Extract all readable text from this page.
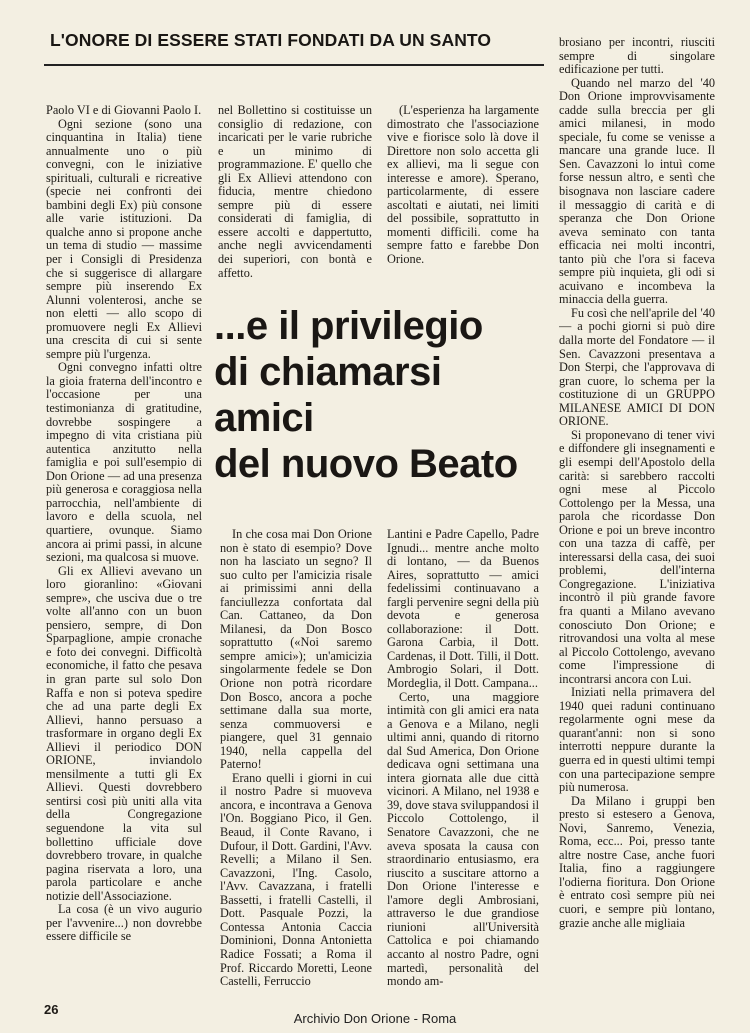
L'ONORE DI ESSERE STATI FONDATI DA UN SANTO

Paolo VI e di Giovanni Paolo I.

Ogni sezione (sono una cinquantina in Italia) tiene annualmente uno o più convegni, con le iniziative spirituali, culturali e ricreative (specie nei confronti dei bambini degli Ex) più consone alle varie istituzioni. Da qualche anno si propone anche un tema di studio — massime per i Consigli di Presidenza che si suggerisce di allargare sempre più inserendo Ex Alunni volenterosi, anche se non eletti — allo scopo di promuovere negli Ex Allievi una crescita di cui si sente sempre più l'urgenza.

Ogni convegno infatti oltre la gioia fraterna dell'incontro e l'occasione per una testimonianza di gratitudine, dovrebbe sospingere a impegno di vita cristiana più autentica anzitutto nella famiglia e poi sull'esempio di Don Orione — ad una presenza più generosa e coraggiosa nella parrocchia, nell'ambiente di lavoro e della scuola, nel quartiere, ovunque. Siamo ancora ai primi passi, in alcune sezioni, ma qualcosa si muove.

Gli ex Allievi avevano un loro gioranlino: «Giovani sempre», che usciva due o tre volte all'anno con un buon pensiero, sempre, di Don Sparpaglione, ampie cronache e foto dei convegni. Difficoltà economiche, il fatto che pesava in gran parte sul solo Don Raffa e non si poteva spedire che ad una parte degli Ex Allievi, hanno persuaso a trasformare in organo degli Ex Allievi il periodico DON ORIONE, inviandolo mensilmente a tutti gli Ex Allievi. Questi dovrebbero sentirsi così più uniti alla vita della Congregazione seguendone la vita sul bollettino ufficiale dove dovrebbero trovare, in qualche pagina riservata a loro, una parola particolare e anche notizie dell'Associazione.

La cosa (è un vivo augurio per l'avvenire...) non dovrebbe essere difficile se

nel Bollettino si costituisse un consiglio di redazione, con incaricati per le varie rubriche e un minimo di programmazione. E' quello che gli Ex Allievi attendono con fiducia, mentre chiedono sempre più di essere considerati di famiglia, di essere accolti e dappertutto, anche negli avvicendamenti dei superiori, con bontà e affetto.

(L'esperienza ha largamente dimostrato che l'associazione vive e fiorisce solo là dove il Direttore non solo accetta gli ex allievi, ma li segue con interesse e amore). Sperano, particolarmente, di essere ascoltati e aiutati, nei limiti del possibile, soprattutto in momenti difficili. come ha sempre fatto e farebbe Don Orione.

...e il privilegio
di chiamarsi
amici
del nuovo Beato

In che cosa mai Don Orione non è stato di esempio? Dove non ha lasciato un segno? Il suo culto per l'amicizia risale ai primissimi anni della fanciullezza confortata dal Can. Cattaneo, da Don Milanesi, da Don Bosco soprattutto («Noi saremo sempre amici»); un'amicizia singolarmente fedele se Don Orione non potrà ricordare Don Bosco, ancora a poche settimane dalla sua morte, senza commuoversi e piangere, quel 31 gennaio 1940, nella cappella del Paterno!

Erano quelli i giorni in cui il nostro Padre si muoveva ancora, e incontrava a Genova l'On. Boggiano Pico, il Gen. Beaud, il Conte Ravano, i Dufour, il Dott. Gardini, l'Avv. Revelli; a Milano il Sen. Cavazzoni, l'Ing. Casolo, l'Avv. Cavazzana, i fratelli Bassetti, i fratelli Castelli, il Dott. Pasquale Pozzi, la Contessa Antonia Caccia Dominioni, Donna Antonietta Radice Fossati; a Roma il Prof. Riccardo Moretti, Leone Castelli, Ferruccio

Lantini e Padre Capello, Padre Ignudi... mentre anche molto di lontano, — da Buenos Aires, soprattutto — amici fedelissimi continuavano a fargli pervenire segni della più devota e generosa collaborazione: il Dott. Garona Carbia, il Dott. Cardenas, il Dott. Tilli, il Dott. Ambrogio Solari, il Dott. Mordeglia, il Dott. Campana...

Certo, una maggiore intimità con gli amici era nata a Genova e a Milano, negli ultimi anni, quando di ritorno dal Sud America, Don Orione dedicava ogni settimana una intera giornata alle due città vicinori. A Milano, nel 1938 e 39, dove stava sviluppandosi il Piccolo Cottolengo, il Senatore Cavazzoni, che ne aveva sposata la causa con straordinario entusiasmo, era riuscito a suscitare attorno a Don Orione l'interesse e l'amore degli Ambrosiani, attraverso le due grandiose riunioni all'Università Cattolica e poi chiamando accanto al nostro Padre, ogni martedì, personalità del mondo am-

brosiano per incontri, riusciti sempre di singolare edificazione per tutti.

Quando nel marzo del '40 Don Orione improvvisamente cadde sulla breccia per gli amici milanesi, in modo speciale, fu come se venisse a mancare una grande luce. Il Sen. Cavazzoni lo intuì come forse nessun altro, e sentì che bisognava non lasciare cadere il messaggio di carità e di speranza che Don Orione aveva seminato con tanta efficacia nei molti incontri, tanto più che l'ora si faceva sempre più inquieta, gli odi si acuivano e incombeva la minaccia della guerra.

Fu così che nell'aprile del '40 — a pochi giorni si può dire dalla morte del Fondatore — il Sen. Cavazzoni presentava a Don Sterpi, che l'approvava di gran cuore, lo schema per la costituzione di un GRUPPO MILANESE AMICI DI DON ORIONE.

Si proponevano di tener vivi e diffondere gli insegnamenti e gli esempi dell'Apostolo della carità: si sarebbero raccolti ogni mese al Piccolo Cottolengo per la Messa, una parola che ricordasse Don Orione e poi un breve incontro con una tazza di caffè, per interessarsi della casa, dei suoi problemi, dell'interna Congregazione. L'iniziativa incontrò il più grande favore fra quanti a Milano avevano conosciuto Don Orione; e ritrovandosi una volta al mese al Piccolo Cottolengo, avevano come l'impressione di incontrarsi ancora con Lui.

Iniziati nella primavera del 1940 quei raduni continuano regolarmente ogni mese da quarant'anni: non si sono interrotti neppure durante la guerra ed in questi ultimi tempi con una partecipazione sempre più numerosa.

Da Milano i gruppi ben presto si estesero a Genova, Novi, Sanremo, Venezia, Roma, ecc... Poi, presso tante altre nostre Case, anche fuori Italia, fino a raggiungere l'odierna fioritura. Don Orione è entrato così sempre più nei cuori, e sempre più lontano, grazie anche alle migliaia

26
Archivio Don Orione - Roma
